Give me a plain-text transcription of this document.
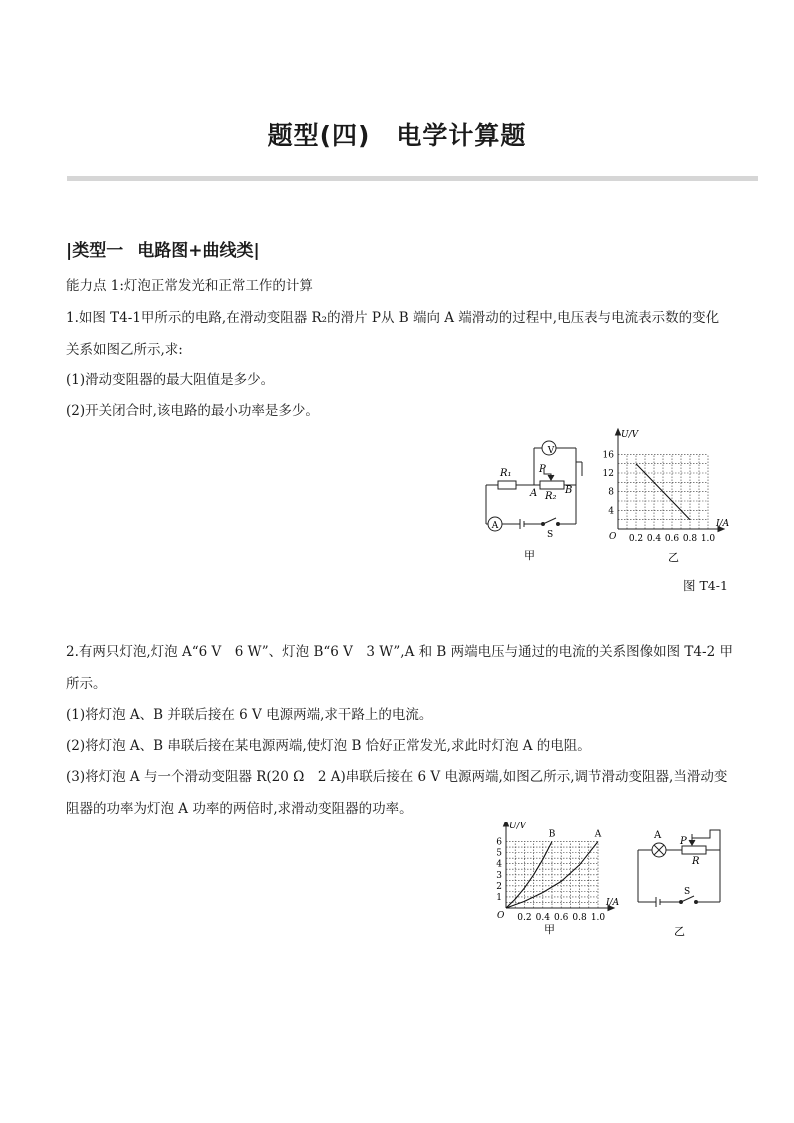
题型(四) 电学计算题
|类型一 电路图+曲线类|
能力点 1:灯泡正常发光和正常工作的计算
1.如图 T4-1甲所示的电路,在滑动变阻器 R₂的滑片 P从 B 端向 A 端滑动的过程中,电压表与电流表示数的变化
关系如图乙所示,求:
(1)滑动变阻器的最大阻值是多少。
(2)开关闭合时,该电路的最小功率是多少。
V
A
R₁	P
A R₂
B
S
甲
0.2 0.4 0.6 0.8 1.0
4
8
12
16
O
I/A
U/V
乙
图 T4-1
2.有两只灯泡,灯泡 A“6 V　6 W”、灯泡 B“6 V　3 W”,A 和 B 两端电压与通过的电流的关系图像如图 T4-2 甲
所示。
(1)将灯泡 A、B 并联后接在 6 V 电源两端,求干路上的电流。
(2)将灯泡 A、B 串联后接在某电源两端,使灯泡 B 恰好正常发光,求此时灯泡 A 的电阻。
(3)将灯泡 A 与一个滑动变阻器 R(20 Ω　2 A)串联后接在 6 V 电源两端,如图乙所示,调节滑动变阻器,当滑动变
阻器的功率为灯泡 A 功率的两倍时,求滑动变阻器的功率。
0.2 0.4 0.6 0.8 1.0
1
2
3
4
5
6
O
I/A
U/V
B	A
甲
A
P
R
S
乙
